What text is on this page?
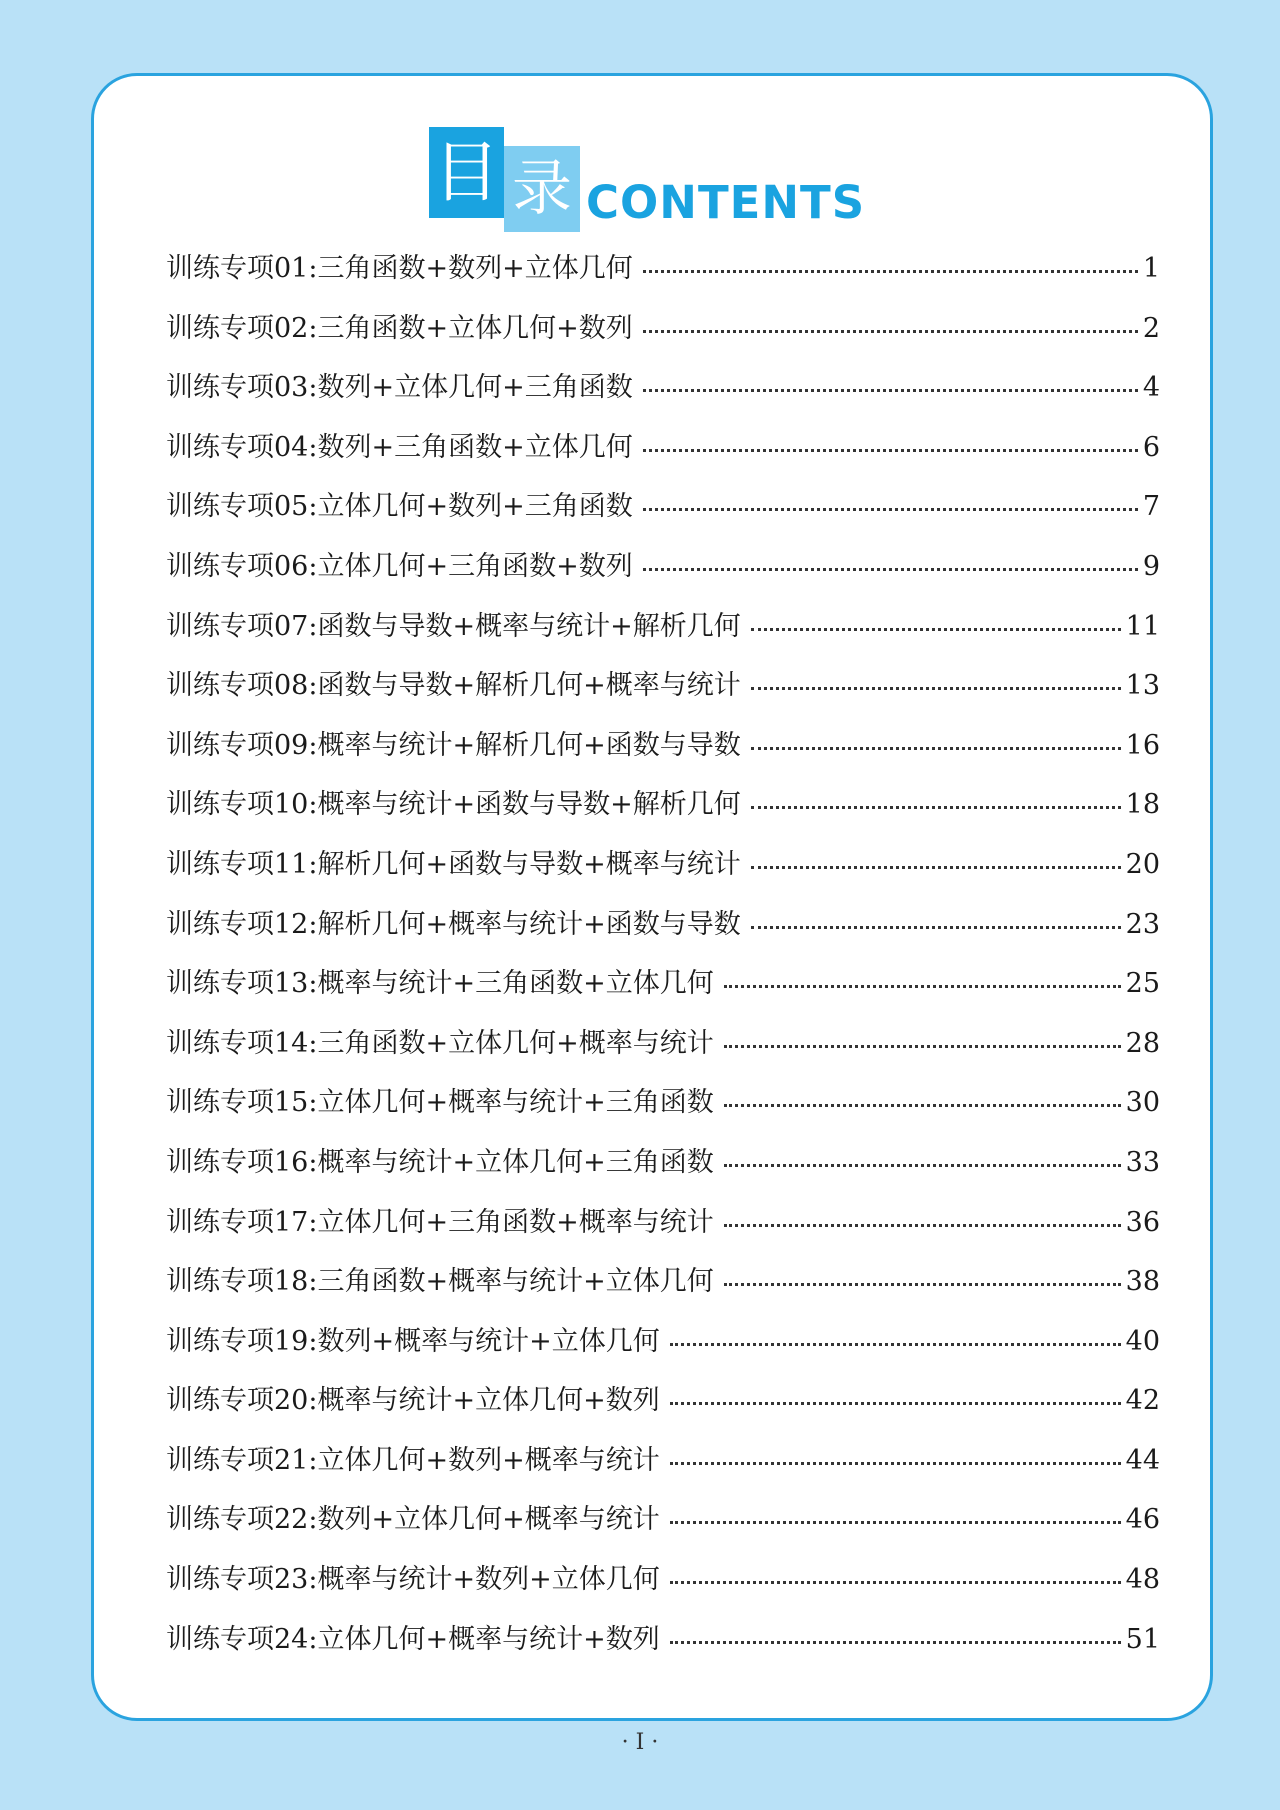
目 录 CONTENTS
训练专项01:三角函数+数列+立体几何	1
训练专项02:三角函数+立体几何+数列	2
训练专项03:数列+立体几何+三角函数	4
训练专项04:数列+三角函数+立体几何	6
训练专项05:立体几何+数列+三角函数	7
训练专项06:立体几何+三角函数+数列	9
训练专项07:函数与导数+概率与统计+解析几何	11
训练专项08:函数与导数+解析几何+概率与统计	13
训练专项09:概率与统计+解析几何+函数与导数	16
训练专项10:概率与统计+函数与导数+解析几何	18
训练专项11:解析几何+函数与导数+概率与统计	20
训练专项12:解析几何+概率与统计+函数与导数	23
训练专项13:概率与统计+三角函数+立体几何	25
训练专项14:三角函数+立体几何+概率与统计	28
训练专项15:立体几何+概率与统计+三角函数	30
训练专项16:概率与统计+立体几何+三角函数	33
训练专项17:立体几何+三角函数+概率与统计	36
训练专项18:三角函数+概率与统计+立体几何	38
训练专项19:数列+概率与统计+立体几何	40
训练专项20:概率与统计+立体几何+数列	42
训练专项21:立体几何+数列+概率与统计	44
训练专项22:数列+立体几何+概率与统计	46
训练专项23:概率与统计+数列+立体几何	48
训练专项24:立体几何+概率与统计+数列	51
· I ·
